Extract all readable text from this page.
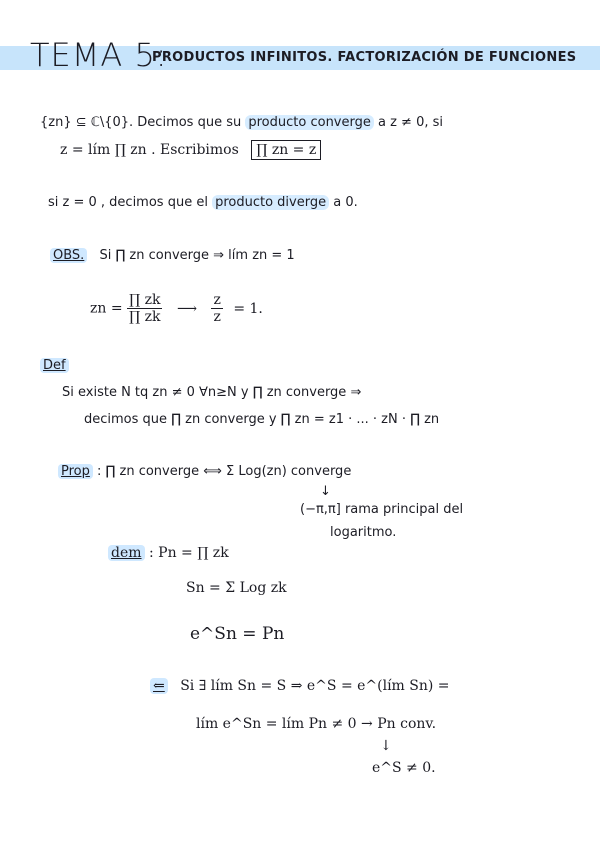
TEMA 5:
PRODUCTOS INFINITOS. FACTORIZACIÓN DE FUNCIONES
{zn} ⊆ ℂ\{0}. Decimos que su producto converge a z ≠ 0, si
z = lím ∏ zn . Escribimos ∏ zn = z
si z = 0 , decimos que el producto diverge a 0.
OBS. Si ∏ zn converge ⇒ lím zn = 1
zn = $\frac{\prod zk}{\prod zk}$ ⟶ $\frac{z}{z} = 1$.
Def
Si existe N tq zn ≠ 0 ∀n≥N y ∏ zn converge ⇒
decimos que ∏ zn converge y ∏ zn = z1 · ... · zN · ∏ zn
Prop : ∏ zn converge ⟺ Σ Log(zn) converge
↓
(−π,π] rama principal del
logaritmo.
dem : Pn = ∏ zk
Sn = Σ Log zk
e^Sn = Pn
⇐ Si ∃ lím Sn = S ⇒ e^S = e^(lím Sn) =
lím e^Sn = lím Pn ≠ 0 → Pn conv.
↓
e^S ≠ 0.
